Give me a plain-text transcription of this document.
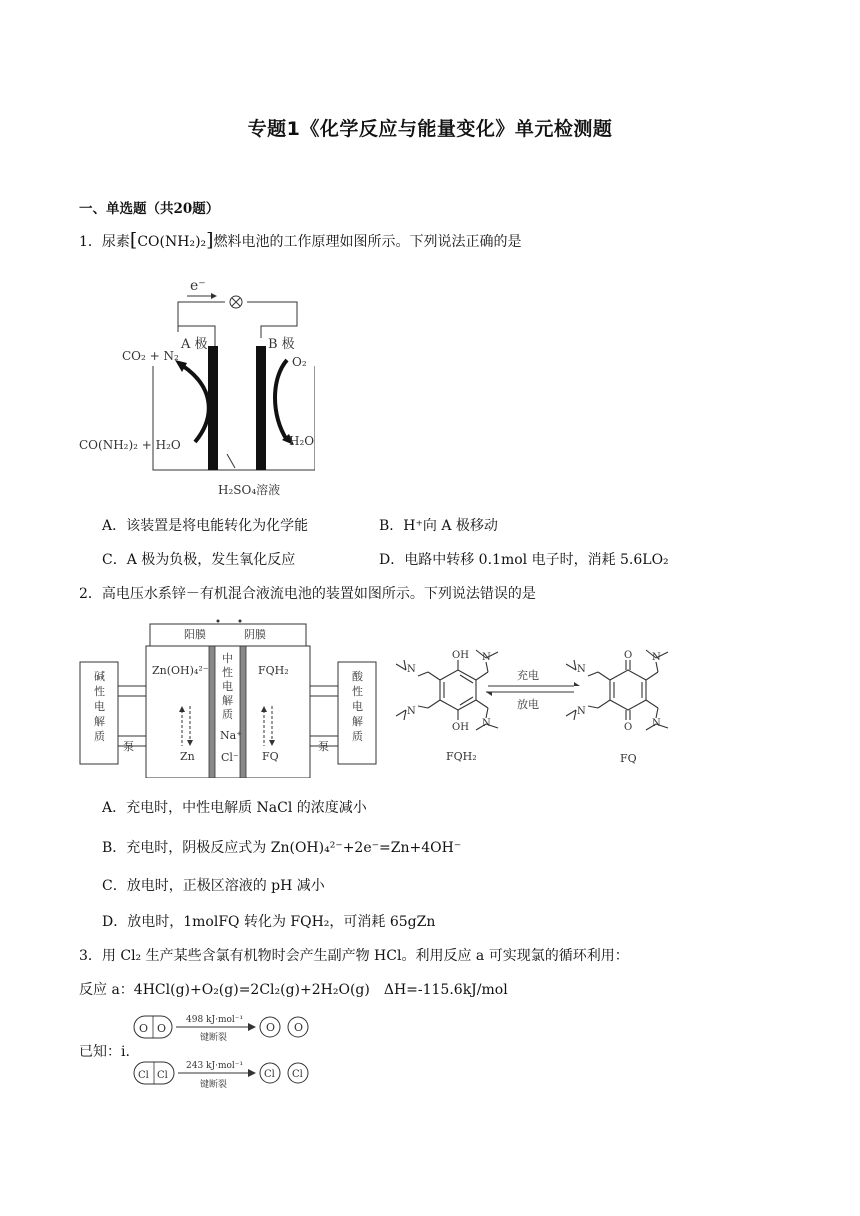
专题1《化学反应与能量变化》单元检测题
一、单选题（共20题）
1．尿素[CO(NH₂)₂]燃料电池的工作原理如图所示。下列说法正确的是
e⁻
A 极	B 极
CO₂ + N₂	O₂
CO(NH₂)₂ + H₂O	H₂O
H₂SO₄溶液
A．该装置是将电能转化为化学能	B．H⁺向 A 极移动
C．A 极为负极，发生氧化反应	D．电路中转移 0.1mol 电子时，消耗 5.6LO₂
2．高电压水系锌－有机混合液流电池的装置如图所示。下列说法错误的是
阳膜	阴膜
碱性电解质
酸性电解质
中性电解质
Na⁺
Cl⁻
泵	泵
Zn(OH)₄²⁻
Zn
FQH₂
FQ
N
N
N
N
OH
OH
FQH₂
充电
放电
N
N
N
N
O
O
FQ
A．充电时，中性电解质 NaCl 的浓度减小
B．充电时，阴极反应式为 Zn(OH)₄²⁻+2e⁻=Zn+4OH⁻
C．放电时，正极区溶液的 pH 减小
D．放电时，1molFQ 转化为 FQH₂，可消耗 65gZn
3．用 Cl₂ 生产某些含氯有机物时会产生副产物 HCl。利用反应 a 可实现氯的循环利用：
反应 a：4HCl(g)+O₂(g)=2Cl₂(g)+2H₂O(g)　ΔH=-115.6kJ/mol
已知：i.
O O
498 kJ·mol⁻¹
键断裂
O O
Cl Cl
243 kJ·mol⁻¹
键断裂
Cl Cl
